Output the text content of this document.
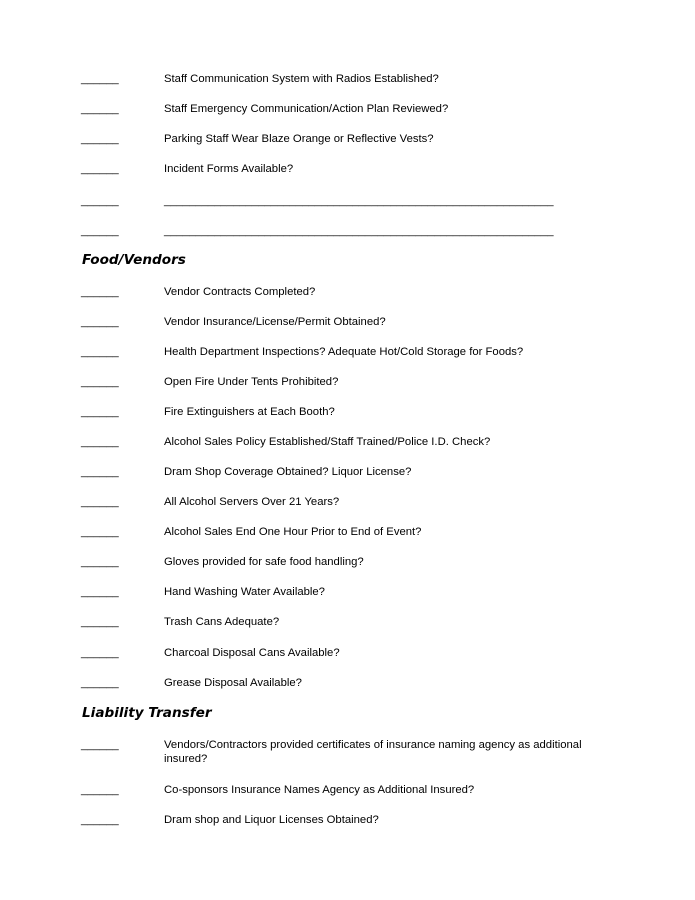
______	Staff Communication System with Radios Established?
______	Staff Emergency Communication/Action Plan Reviewed?
______	Parking Staff Wear Blaze Orange or Reflective Vests?
______	Incident Forms Available?
______	______________________________________________________________
______	______________________________________________________________
Food/Vendors
______	Vendor Contracts Completed?
______	Vendor Insurance/License/Permit Obtained?
______	Health Department Inspections? Adequate Hot/Cold Storage for Foods?
______	Open Fire Under Tents Prohibited?
______	Fire Extinguishers at Each Booth?
______	Alcohol Sales Policy Established/Staff Trained/Police I.D. Check?
______	Dram Shop Coverage Obtained? Liquor License?
______	All Alcohol Servers Over 21 Years?
______	Alcohol Sales End One Hour Prior to End of Event?
______	Gloves provided for safe food handling?
______	Hand Washing Water Available?
______	Trash Cans Adequate?
______	Charcoal Disposal Cans Available?
______	Grease Disposal Available?
Liability Transfer
______	Vendors/Contractors provided certificates of insurance naming agency as additional insured?
______	Co-sponsors Insurance Names Agency as Additional Insured?
______	Dram shop and Liquor Licenses Obtained?
